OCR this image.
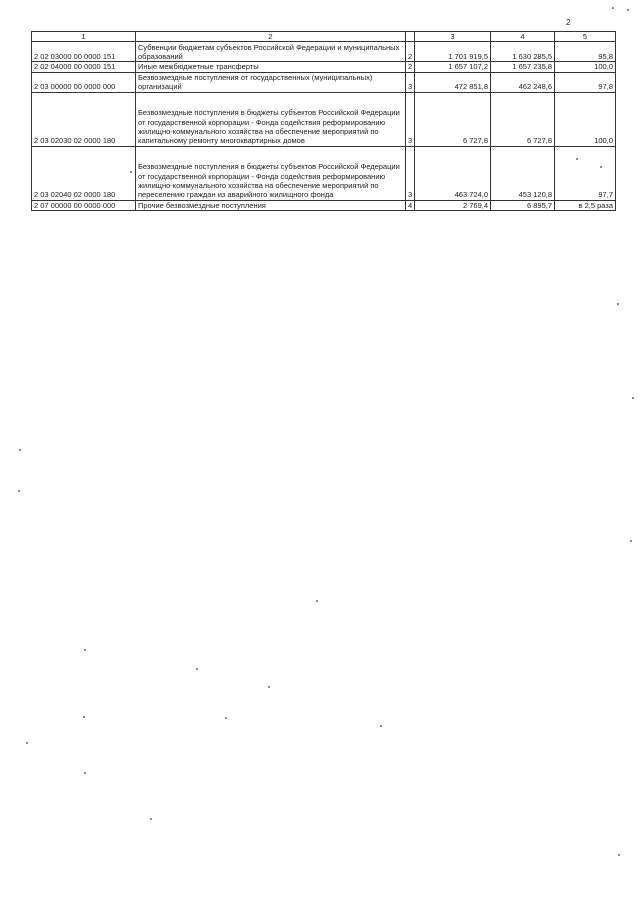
2
1	2		3	4	5
2 02 03000 00 0000 151	Субвенции бюджетам субъектов Российской Федерации и муниципальных образований	2	1 701 919,5	1 630 285,5	95,8
2 02 04000 00 0000 151	Иные межбюджетные трансферты	2	1 657 107,2	1 657 235,8	100,0
2 03 00000 00 0000 000	Безвозмездные поступления от государственных (муниципальных) организаций	3	472 851,8	462 248,6	97,8
2 03 02030 02 0000 180	Безвозмездные поступления в бюджеты субъектов Российской Федерации от государственной корпорации - Фонда содействия реформированию жилищно-коммунального хозяйства на обеспечение мероприятий по капитальному ремонту многоквартирных домов	3	6 727,8	6 727,8	100,0
2 03 02040 02 0000 180	Безвозмездные поступления в бюджеты субъектов Российской Федерации от государственной корпорации - Фонда содействия реформированию жилищно-коммунального хозяйства на обеспечение мероприятий по переселению граждан из аварийного жилищного фонда	3	463 724,0	453 120,8	97,7
2 07 00000 00 0000 000	Прочие безвозмездные поступления	4	2 769,4	6 895,7	в 2,5 раза
